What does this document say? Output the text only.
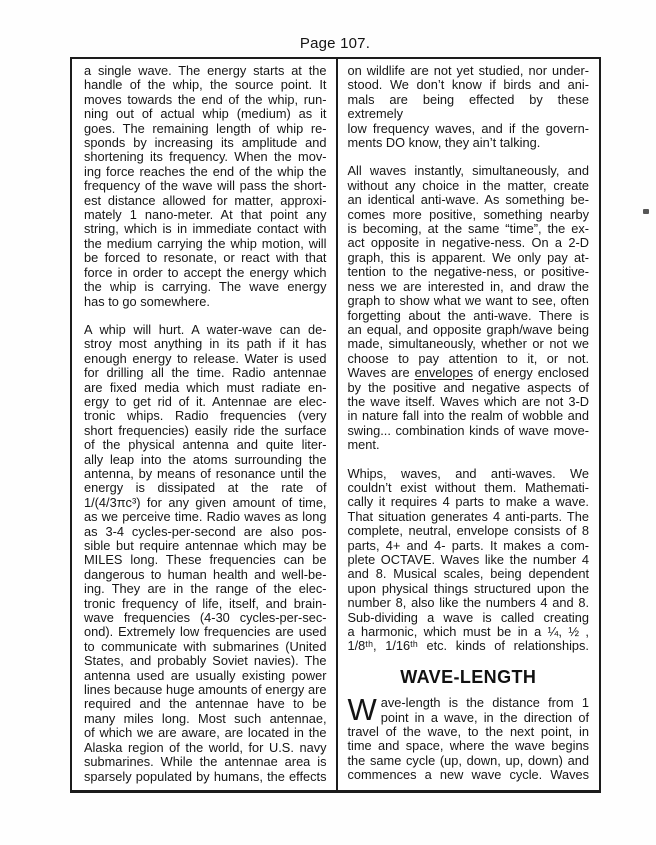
Page 107.
a single wave. The energy starts at the
handle of the whip, the source point. It
moves towards the end of the whip, run-
ning out of actual whip (medium) as it
goes. The remaining length of whip re-
sponds by increasing its amplitude and
shortening its frequency. When the mov-
ing force reaches the end of the whip the
frequency of the wave will pass the short-
est distance allowed for matter, approxi-
mately 1 nano-meter. At that point any
string, which is in immediate contact with
the medium carrying the whip motion, will
be forced to resonate, or react with that
force in order to accept the energy which
the whip is carrying. The wave energy
has to go somewhere.
A whip will hurt. A water-wave can de-
stroy most anything in its path if it has
enough energy to release. Water is used
for drilling all the time. Radio antennae
are fixed media which must radiate en-
ergy to get rid of it. Antennae are elec-
tronic whips. Radio frequencies (very
short frequencies) easily ride the surface
of the physical antenna and quite liter-
ally leap into the atoms surrounding the
antenna, by means of resonance until the
energy is dissipated at the rate of
1/(4/3πc³) for any given amount of time,
as we perceive time. Radio waves as long
as 3-4 cycles-per-second are also pos-
sible but require antennae which may be
MILES long. These frequencies can be
dangerous to human health and well-be-
ing. They are in the range of the elec-
tronic frequency of life, itself, and brain-
wave frequencies (4-30 cycles-per-sec-
ond). Extremely low frequencies are used
to communicate with submarines (United
States, and probably Soviet navies). The
antenna used are usually existing power
lines because huge amounts of energy are
required and the antennae have to be
many miles long. Most such antennae,
of which we are aware, are located in the
Alaska region of the world, for U.S. navy
submarines. While the antennae area is
sparsely populated by humans, the effects
on wildlife are not yet studied, nor under-
stood. We don’t know if birds and ani-
mals are being effected by these extremely
low frequency waves, and if the govern-
ments DO know, they ain’t talking.
All waves instantly, simultaneously, and
without any choice in the matter, create
an identical anti-wave. As something be-
comes more positive, something nearby
is becoming, at the same “time”, the ex-
act opposite in negative-ness. On a 2-D
graph, this is apparent. We only pay at-
tention to the negative-ness, or positive-
ness we are interested in, and draw the
graph to show what we want to see, often
forgetting about the anti-wave. There is
an equal, and opposite graph/wave being
made, simultaneously, whether or not we
choose to pay attention to it, or not.
Waves are envelopes of energy enclosed
by the positive and negative aspects of
the wave itself. Waves which are not 3-D
in nature fall into the realm of wobble and
swing... combination kinds of wave move-
ment.
Whips, waves, and anti-waves. We
couldn’t exist without them. Mathemati-
cally it requires 4 parts to make a wave.
That situation generates 4 anti-parts. The
complete, neutral, envelope consists of 8
parts, 4+ and 4- parts. It makes a com-
plete OCTAVE. Waves like the number 4
and 8. Musical scales, being dependent
upon physical things structured upon the
number 8, also like the numbers 4 and 8.
Sub-dividing a wave is called creating
a harmonic, which must be in a ¼, ½ ,
1/8ᵗʰ, 1/16ᵗʰ etc. kinds of relationships.
WAVE-LENGTH
W ave-length is the distance from 1
point in a wave, in the direction of
travel of the wave, to the next point, in
time and space, where the wave begins
the same cycle (up, down, up, down) and
commences a new wave cycle. Waves
